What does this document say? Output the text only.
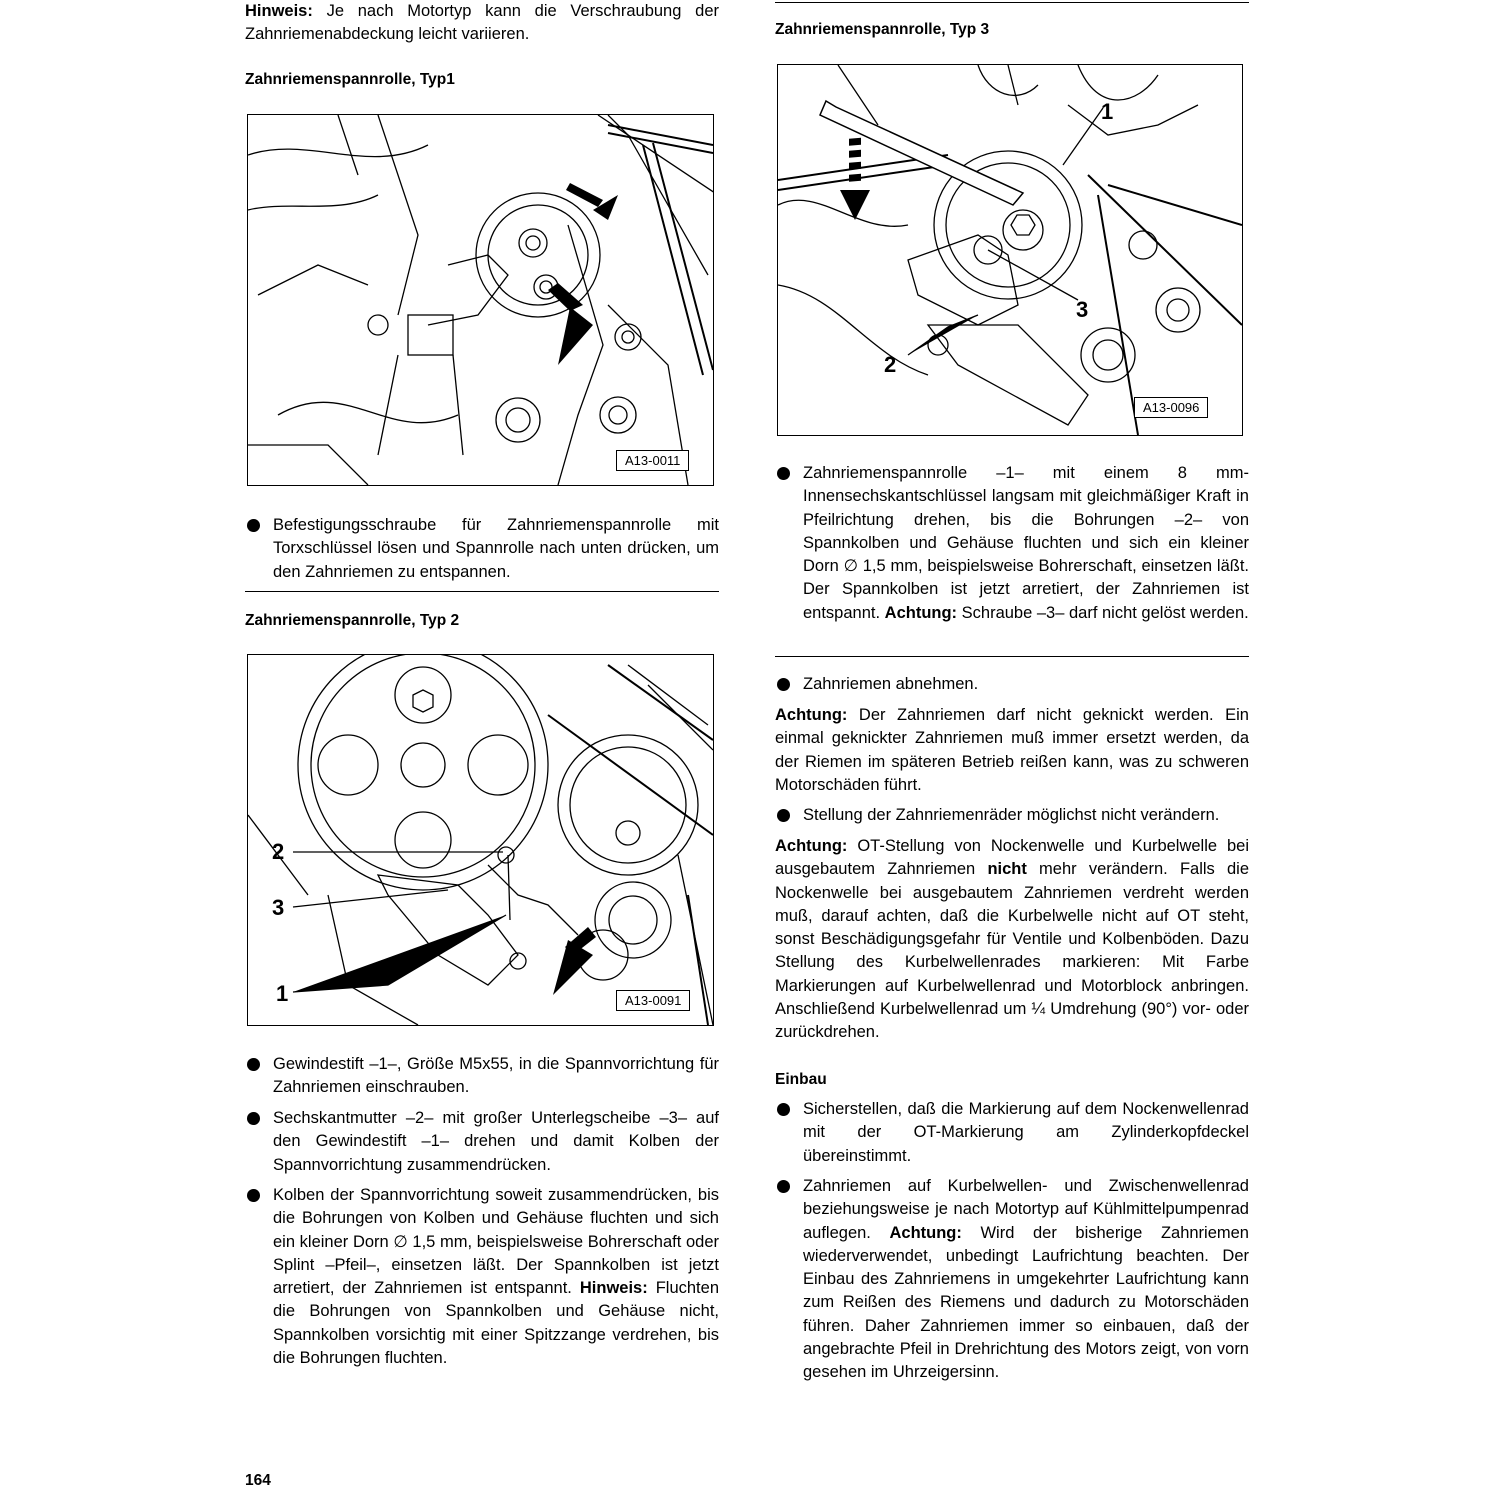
Hinweis: Je nach Motortyp kann die Verschraubung der Zahnriemenabdeckung leicht variieren.

Zahnriemenspannrolle, Typ1
A13-0011

Befestigungsschraube für Zahnriemenspannrolle mit Torxschlüssel lösen und Spannrolle nach unten drücken, um den Zahnriemen zu entspannen.

Zahnriemenspannrolle, Typ 2
2
3
1	A13-0091

Gewindestift –1–, Größe M5x55, in die Spannvorrichtung für Zahnriemen einschrauben.

Sechskantmutter –2– mit großer Unterlegscheibe –3– auf den Gewindestift –1– drehen und damit Kolben der Spannvorrichtung zusammendrücken.

Kolben der Spannvorrichtung soweit zusammendrücken, bis die Bohrungen von Kolben und Gehäuse fluchten und sich ein kleiner Dorn ∅ 1,5 mm, beispielsweise Bohrerschaft oder Splint –Pfeil–, einsetzen läßt. Der Spannkolben ist jetzt arretiert, der Zahnriemen ist entspannt. Hinweis: Fluchten die Bohrungen von Spannkolben und Gehäuse nicht, Spannkolben vorsichtig mit einer Spitzzange verdrehen, bis die Bohrungen fluchten.

Zahnriemenspannrolle, Typ 3
1
3
2
A13-0096

Zahnriemenspannrolle –1– mit einem 8 mm-Innensechskantschlüssel langsam mit gleichmäßiger Kraft in Pfeilrichtung drehen, bis die Bohrungen –2– von Spannkolben und Gehäuse fluchten und sich ein kleiner Dorn ∅ 1,5 mm, beispielsweise Bohrerschaft, einsetzen läßt. Der Spannkolben ist jetzt arretiert, der Zahnriemen ist entspannt. Achtung: Schraube –3– darf nicht gelöst werden.

Zahnriemen abnehmen.

Achtung: Der Zahnriemen darf nicht geknickt werden. Ein einmal geknickter Zahnriemen muß immer ersetzt werden, da der Riemen im späteren Betrieb reißen kann, was zu schweren Motorschäden führt.

Stellung der Zahnriemenräder möglichst nicht verändern.

Achtung: OT-Stellung von Nockenwelle und Kurbelwelle bei ausgebautem Zahnriemen nicht mehr verändern. Falls die Nockenwelle bei ausgebautem Zahnriemen verdreht werden muß, darauf achten, daß die Kurbelwelle nicht auf OT steht, sonst Beschädigungsgefahr für Ventile und Kolbenböden. Dazu Stellung des Kurbelwellenrades markieren: Mit Farbe Markierungen auf Kurbelwellenrad und Motorblock anbringen. Anschließend Kurbelwellenrad um ¼ Umdrehung (90°) vor- oder zurückdrehen.

Einbau

Sicherstellen, daß die Markierung auf dem Nockenwellenrad mit der OT-Markierung am Zylinderkopfdeckel übereinstimmt.

Zahnriemen auf Kurbelwellen- und Zwischenwellenrad beziehungsweise je nach Motortyp auf Kühlmittelpumpenrad auflegen. Achtung: Wird der bisherige Zahnriemen wiederverwendet, unbedingt Laufrichtung beachten. Der Einbau des Zahnriemens in umgekehrter Laufrichtung kann zum Reißen des Riemens und dadurch zu Motorschäden führen. Daher Zahnriemen immer so einbauen, daß der angebrachte Pfeil in Drehrichtung des Motors zeigt, von vorn gesehen im Uhrzeigersinn.

164
